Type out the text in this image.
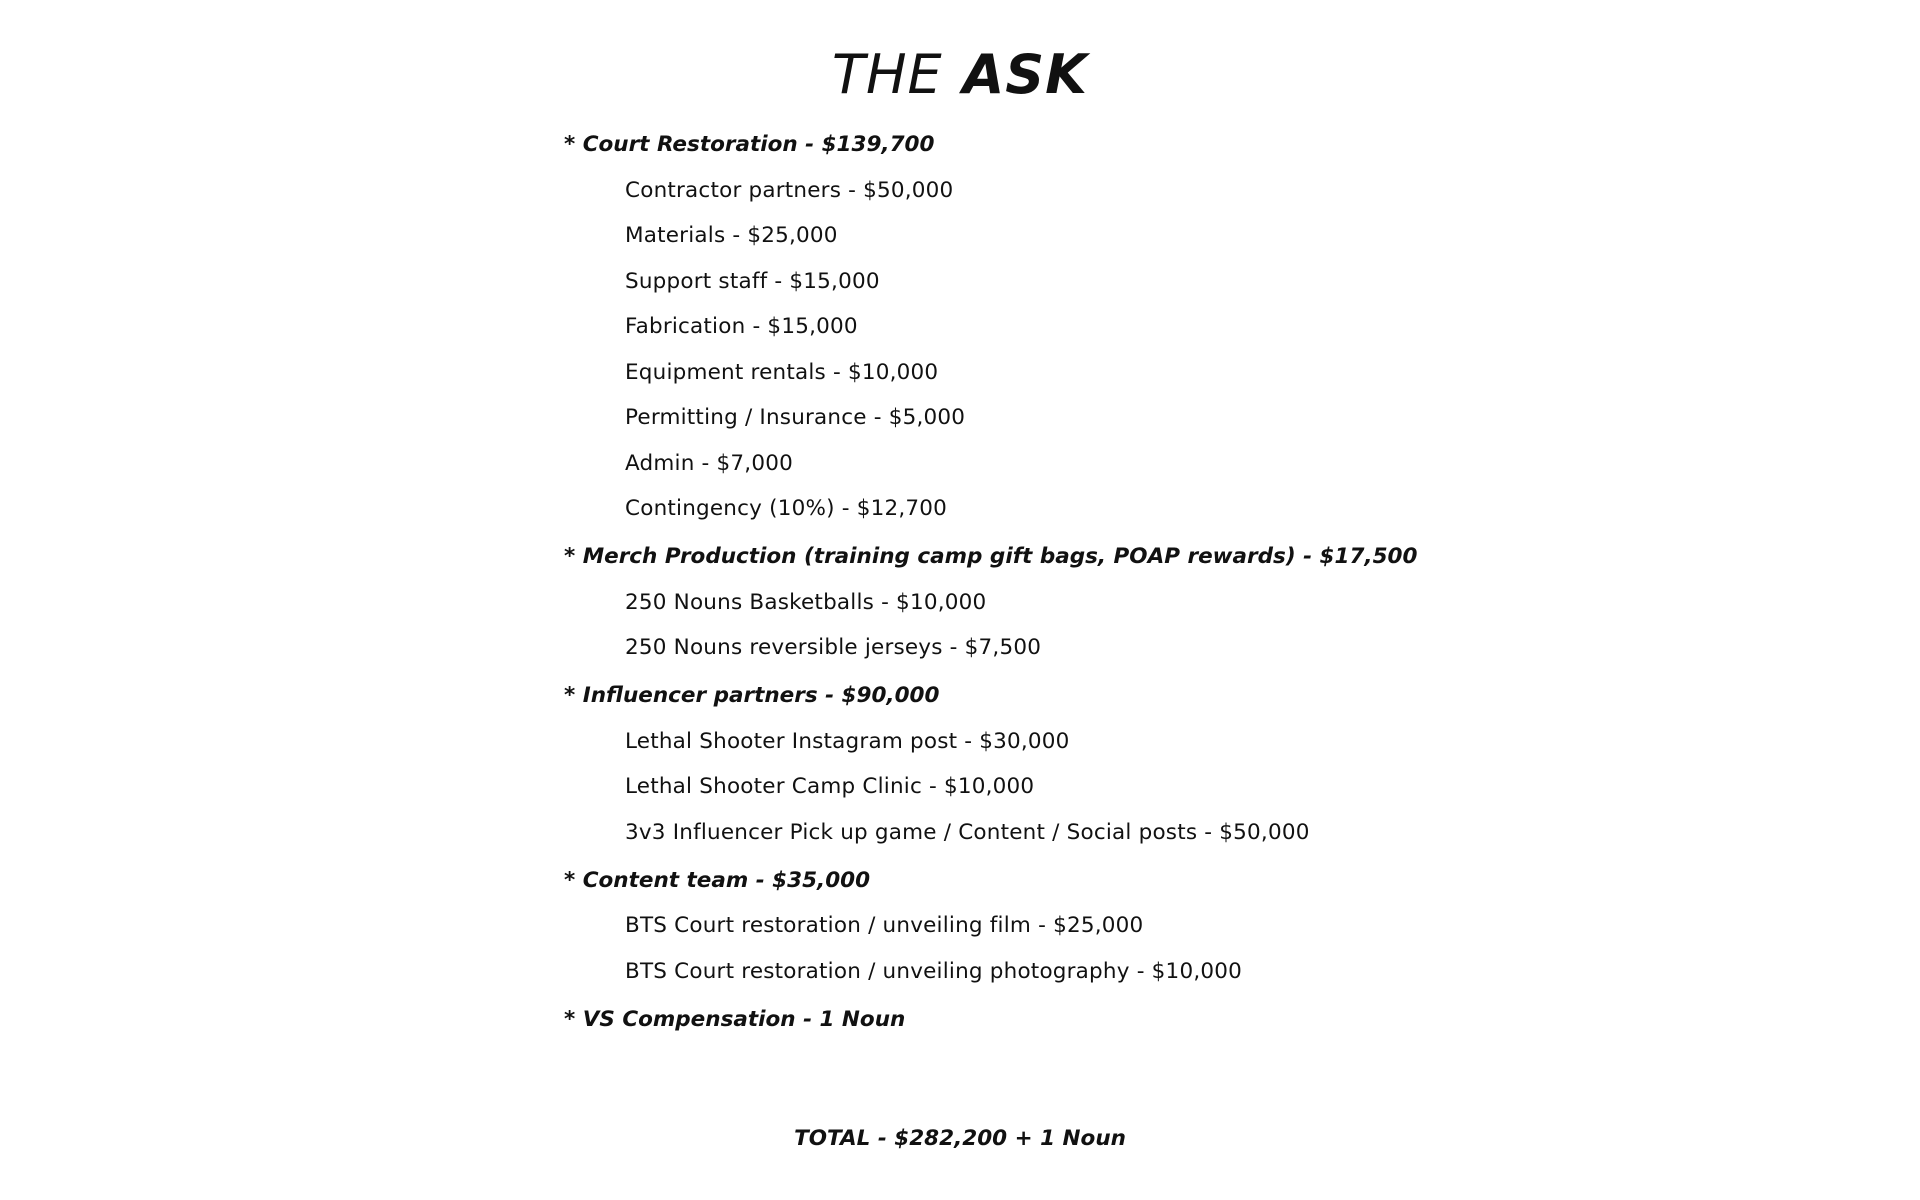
THE ASK
* Court Restoration - $139,700
Contractor partners - $50,000
Materials - $25,000
Support staff - $15,000
Fabrication - $15,000
Equipment rentals - $10,000
Permitting / Insurance - $5,000
Admin - $7,000
Contingency (10%) - $12,700
* Merch Production (training camp gift bags, POAP rewards) - $17,500
250 Nouns Basketballs - $10,000
250 Nouns reversible jerseys - $7,500
* Influencer partners - $90,000
Lethal Shooter Instagram post - $30,000
Lethal Shooter Camp Clinic - $10,000
3v3 Influencer Pick up game / Content / Social posts - $50,000
* Content team - $35,000
BTS Court restoration / unveiling film - $25,000
BTS Court restoration / unveiling photography - $10,000
* VS Compensation - 1 Noun
TOTAL - $282,200 + 1 Noun
